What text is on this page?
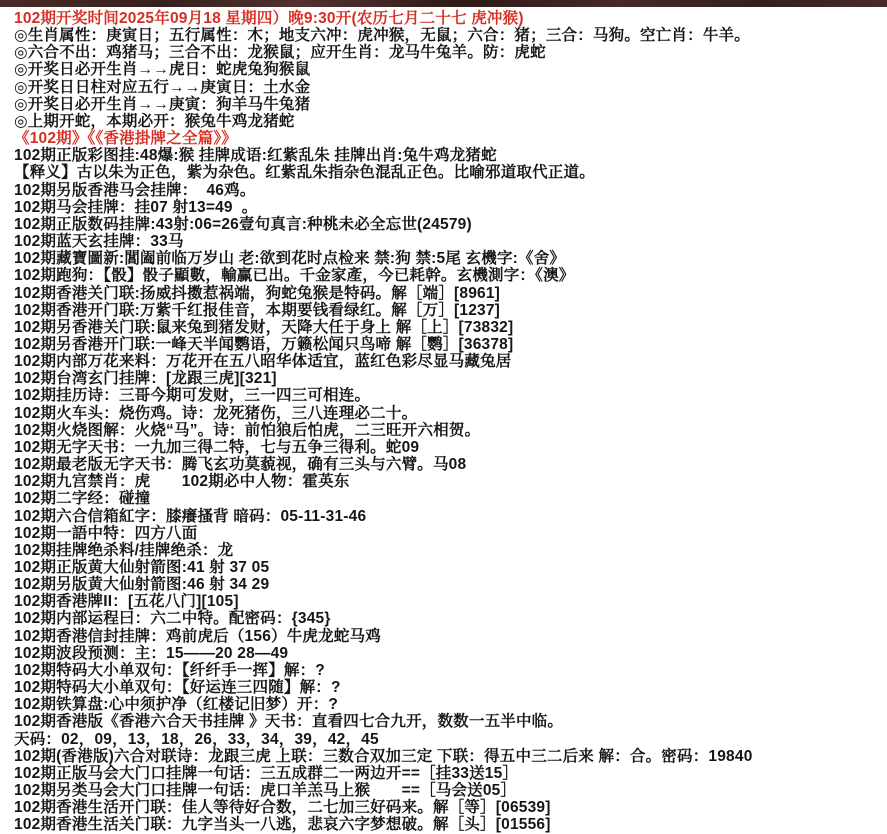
102期开奖时间2025年09月18 星期四）晚9:30开(农历七月二十七 虎冲猴)
◎生肖属性：庚寅日；五行属性：木；地支六冲：虎冲猴，无鼠；六合：猪；三合：马狗。空亡肖：牛羊。
◎六合不出：鸡猪马；三合不出：龙猴鼠；应开生肖：龙马牛兔羊。防：虎蛇
◎开奖日必开生肖→→虎日：蛇虎兔狗猴鼠
◎开奖日日柱对应五行→→庚寅日：土水金
◎开奖日必开生肖→→庚寅：狗羊马牛兔猪
◎上期开蛇，本期必开：猴兔牛鸡龙猪蛇
《102期》《《香港掛牌之全篇》》
102期正版彩图挂:48爆:猴 挂牌成语:红紫乱朱 挂牌出肖:兔牛鸡龙猪蛇
【释义】古以朱为正色，紫为杂色。红紫乱朱指杂色混乱正色。比喻邪道取代正道。
102期另版香港马会挂牌：  46鸡。
102期马会挂牌：挂07 射13=49  。
102期正版数码挂牌:43射:06=26壹句真言:种桃未必全忘世(24579)
102期蓝天玄挂牌：33马
102期藏寶圖新:閶阖前临万岁山 老:欲到花时点检来 禁:狗 禁:5尾 玄機字:《舍》
102期跑狗：【骰】骰子顯數，輸赢已出。千金家產，今已耗幹。玄機測字：《澳》
102期香港关门联:扬威抖擞惹祸端，狗蛇兔猴是特码。解［端］[8961]
102期香港开门联:万紫千红报佳音，本期要钱看绿红。解［万］[1237]
102期另香港关门联:鼠来兔到猪发财，天降大任于身上 解［上］[73832]
102期另香港开门联:一峰天半闻鹦语，万籁松闻只鸟啼 解［鹦］[36378]
102期内部万花来料：万花开在五八昭华体适宜，蓝红色彩尽显马藏兔居
102期台湾玄门挂牌：[龙跟三虎][321]
102期挂历诗：三哥今期可发财，三一四三可相连。
102期火车头：烧伤鸡。诗：龙死猪伤，三八连理必二十。
102期火烧图解：火烧“马”。诗：前怕狼后怕虎，二三旺开六相贺。
102期无字天书：一九加三得二特，七与五争三得利。蛇09
102期最老版无字天书：腾飞玄功莫藐视，确有三头与六臂。马08
102期九宫禁肖：虎　　102期必中人物：霍英东
102期二字经：碰撞
102期六合信箱紅字：膝癢搔背 暗码：05-11-31-46
102期一語中特：四方八面
102期挂牌绝杀料/挂牌绝杀：龙
102期正版黄大仙射箭图:41 射 37 05
102期另版黄大仙射箭图:46 射 34 29
102期香港牌II：[五花八门][105]
102期内部运程曰：六二中特。配密码：{345}
102期香港信封挂牌：鸡前虎后（156）牛虎龙蛇马鸡
102期波段预测：主：15——20 28—49
102期特码大小单双句：【纤纤手一挥】解：?
102期特码大小单双句：【好运连三四随】解：?
102期铁算盘:心中须护净（红楼记旧梦）开：?
102期香港版《香港六合天书挂牌 》天书：直看四七合九开，数数一五半中临。
天码：02，09，13，18，26，33，34，39，42，45
102期(香港版)六合对联诗：龙跟三虎 上联：三数合双加三定 下联：得五中三二后来 解：合。密码：19840
102期正版马会大门口挂牌一句话：三五成群二一两边开==［挂33送15］
102期另类马会大门口挂牌一句话：虎口羊羔马上猴　　==［马会送05］
102期香港生活开门联：佳人等待好合数，二七加三好码来。解［等］[06539]
102期香港生活关门联：九字当头一八逃，悲哀六字梦想破。解［头］[01556]
